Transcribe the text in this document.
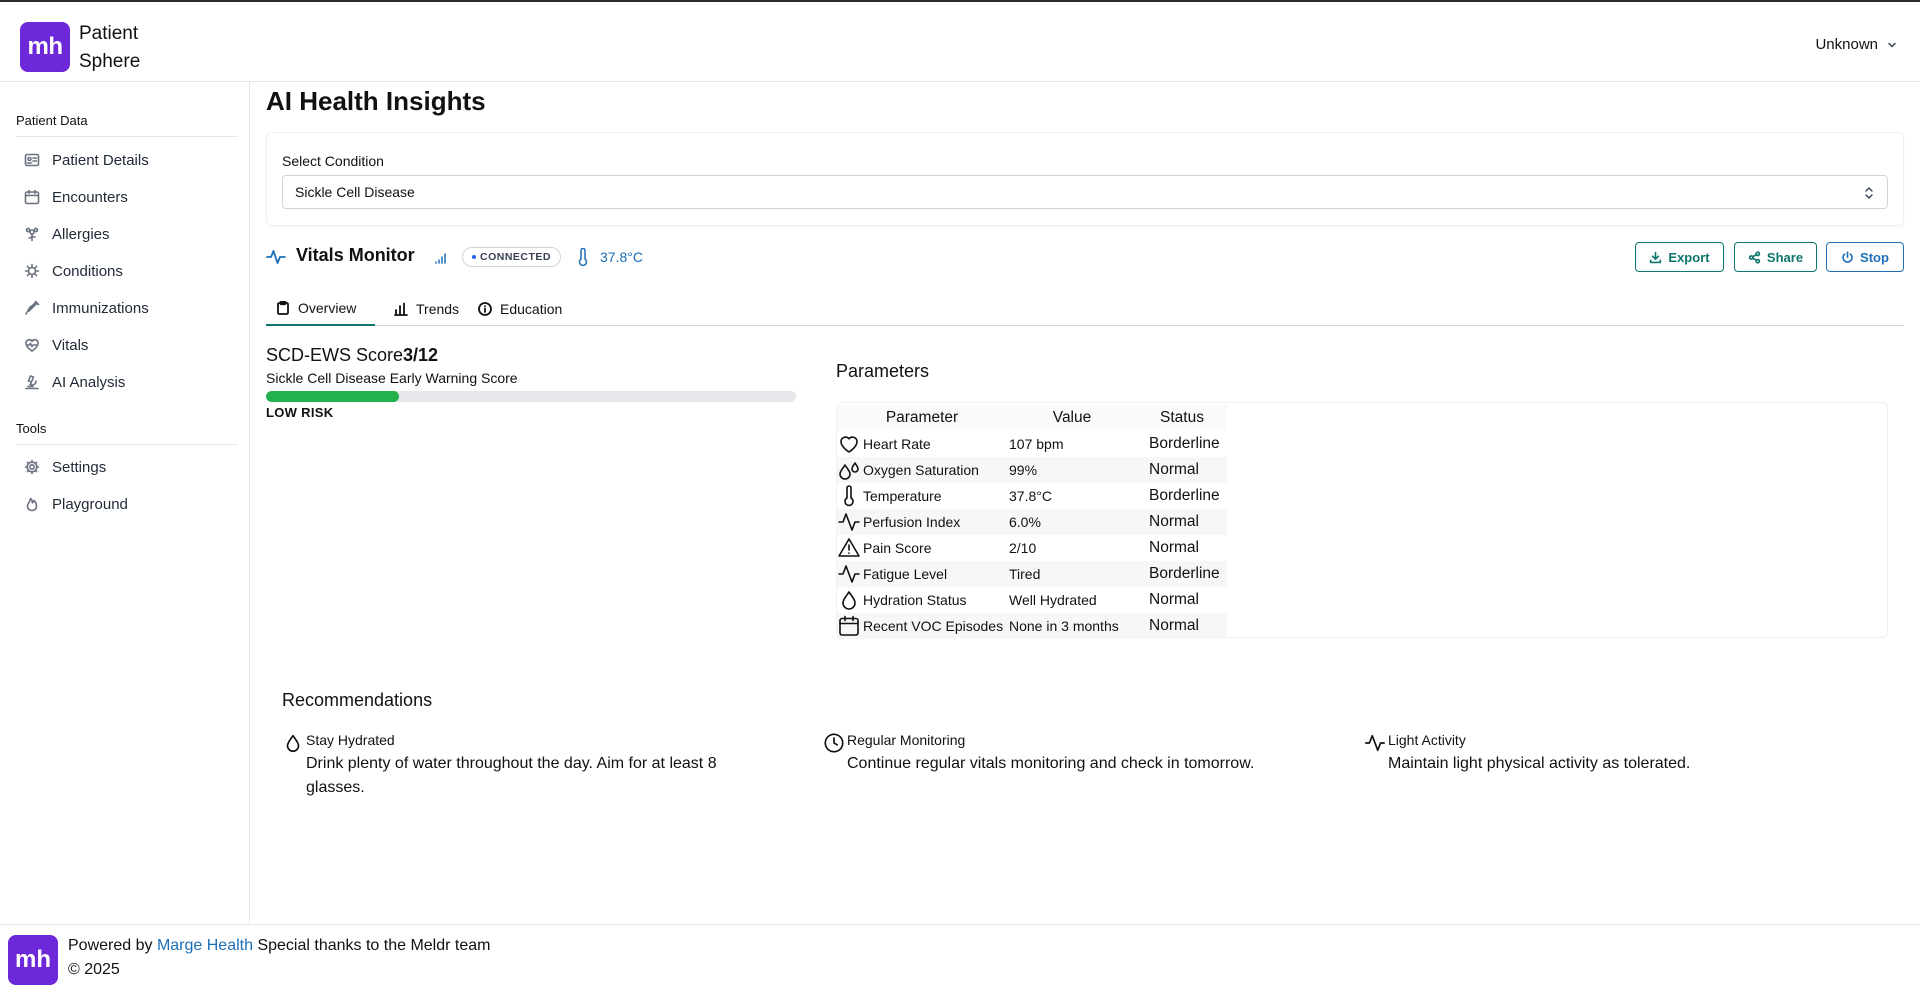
mh Patient Sphere
Unknown
Patient Data
Patient Details
Encounters
Allergies
Conditions
Immunizations
Vitals
AI Analysis
Tools
Settings
Playground
AI Health Insights
Select Condition
Sickle Cell Disease
Vitals Monitor	CONNECTED	37.8°C	Export	Share	Stop
Overview	Trends	Education
SCD-EWS Score3/12
Sickle Cell Disease Early Warning Score
LOW RISK
Parameters
Parameter	Value	Status

Heart Rate	107 bpm	Borderline

Oxygen Saturation	99%	Normal

Temperature	37.8°C	Borderline

Perfusion Index	6.0%	Normal

Pain Score	2/10	Normal

Fatigue Level	Tired	Borderline

Hydration Status	Well Hydrated	Normal

Recent VOC Episodes	None in 3 months	Normal
Recommendations
Stay Hydrated
Drink plenty of water throughout the day. Aim for at least 8 glasses.
Regular Monitoring
Continue regular vitals monitoring and check in tomorrow.
Light Activity
Maintain light physical activity as tolerated.
mh
Powered by Marge Health Special thanks to the Meldr team
© 2025
